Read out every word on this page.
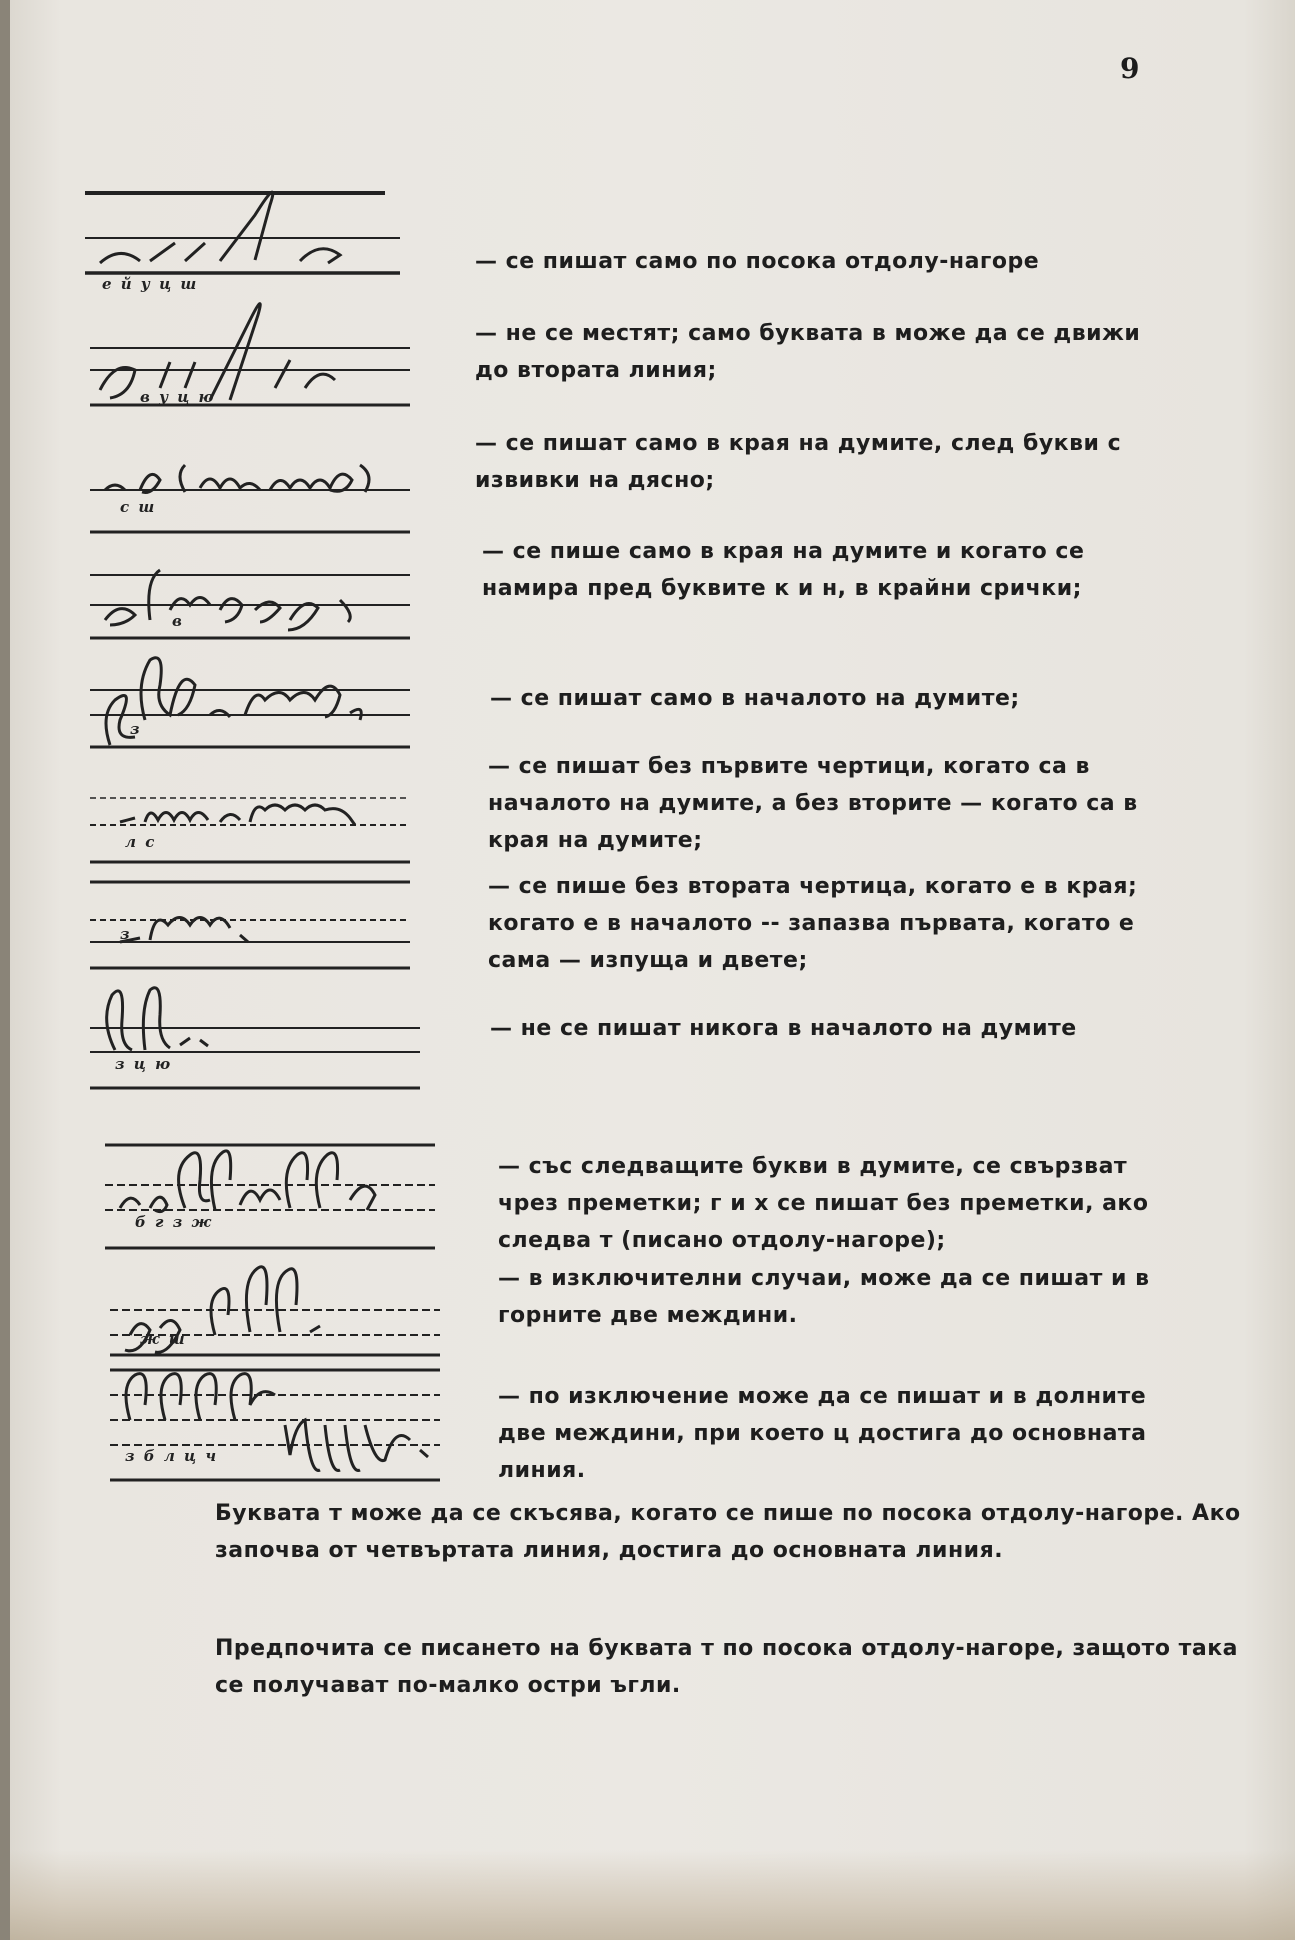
9
е й у ц ш
— се пишат само по посока отдолу-нагоре
в у ц ю
— не се местят; само буквата в може да се движи до втората линия;
с ш
— се пишат само в края на думите, след букви с извивки на дясно;
в
— се пише само в края на думите и когато се намира пред буквите к и н, в крайни срички;
з
— се пишат само в началото на думите;
л с
— се пишат без първите чертици, когато са в началото на думите, а без вторите — когато са в края на думите;
з
— се пише без втората чертица, когато е в края; когато е в началото -- запазва първата, когато е сама — изпуща и двете;
з ц ю
— не се пишат никога в началото на думите
б г з ж
— със следващите букви в думите, се свързват чрез преметки; г и х се пишат без преметки, ако следва т (писано отдолу-нагоре);
ж ш
— в изключителни случаи, може да се пишат и в горните две междини.
з б л ц ч
— по изключение може да се пишат и в долните две междини, при което ц достига до основната линия.
Буквата т може да се скъсява, когато се пише по посока отдолу-нагоре. Ако започва от четвъртата линия, достига до основната линия.
Предпочита се писането на буквата т по посока отдолу-нагоре, защото така се получават по-малко остри ъгли.
